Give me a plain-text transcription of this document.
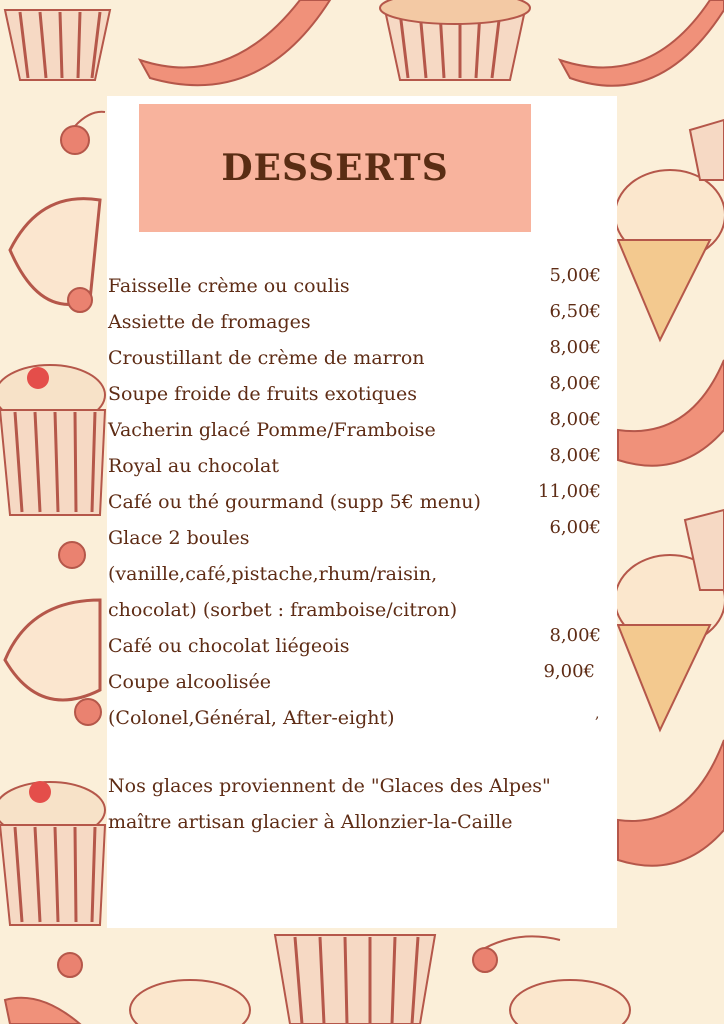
DESSERTS
Faisselle crème ou coulis	5,00€
Assiette de fromages	6,50€
Croustillant de crème de marron	8,00€
Soupe froide de fruits exotiques	8,00€
Vacherin glacé Pomme/Framboise	8,00€
Royal au chocolat	8,00€
Café ou thé gourmand (supp 5€ menu)	11,00€
Glace 2 boules	6,00€
(vanille,café,pistache,rhum/raisin,
chocolat) (sorbet : framboise/citron)
Café ou chocolat liégeois	8,00€
Coupe alcoolisée	9,00€
(Colonel,Général, After-eight)	,
Nos glaces proviennent de "Glaces des Alpes"
maître artisan glacier à Allonzier-la-Caille
